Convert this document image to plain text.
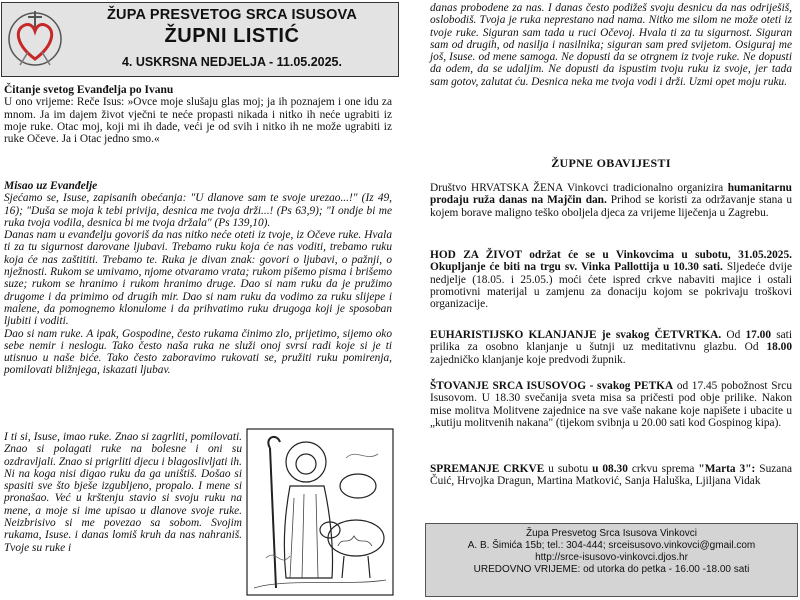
ŽUPA PRESVETOG SRCA ISUSOVA
ŽUPNI LISTIĆ
4. USKRSNA NEDJELJA - 11.05.2025.
Čitanje svetog Evanđelja po Ivanu

U ono vrijeme: Reče Isus: »Ovce moje slušaju glas moj; ja ih poznajem i one idu za mnom. Ja im dajem život vječni te neće propasti nikada i nitko ih neće ugrabiti iz moje ruke. Otac moj, koji mi ih dade, veći je od svih i nitko ih ne može ugrabiti iz ruke Očeve. Ja i Otac jedno smo.«

Misao uz Evanđelje

Sjećamo se, Isuse, zapisanih obećanja: "U dlanove sam te svoje urezao...!" (Iz 49, 16); "Duša se moja k tebi privija, desnica me tvoja drži...! (Ps 63,9); "I ondje bi me ruka tvoja vodila, desnica bi me tvoja držala" (Ps 139,10).

Danas nam u evanđelju govoriš da nas nitko neće oteti iz tvoje, iz Očeve ruke. Hvala ti za tu sigurnost darovane ljubavi. Trebamo ruku koja će nas voditi, trebamo ruku koja će nas zaštititi. Trebamo te. Ruka je divan znak: govori o ljubavi, o pažnji, o nježnosti. Rukom se umivamo, njome otvaramo vrata; rukom pišemo pisma i brišemo suze; rukom se hranimo i rukom hranimo druge. Dao si nam ruku da je pružimo drugome i da primimo od drugih mir. Dao si nam ruku da vodimo za ruku slijepe i malene, da pomognemo klonulome i da prihvatimo ruku drugoga koji je sposoban ljubiti i voditi.

Dao si nam ruke. A ipak, Gospodine, često rukama činimo zlo, prijetimo, sijemo oko sebe nemir i neslogu. Tako često naša ruka ne služi onoj svrsi radi koje si je ti utisnuo u naše biće. Tako često zaboravimo rukovati se, pružiti ruku pomirenja, pomilovati bližnjega, iskazati ljubav.

I ti si, Isuse, imao ruke. Znao si zagrliti, pomilovati. Znao si polagati ruke na bolesne i oni su ozdravljali. Znao si prigrliti djecu i blagoslivljati ih.

Ni na koga nisi digao ruku da ga uništiš. Došao si spasiti sve što bješe izgubljeno, propalo. I mene si pronašao. Već u krštenju stavio si svoju ruku na mene, a moje si ime upisao u dlanove svoje ruke. Neizbrisivo si me povezao sa sobom. Svojim rukama, Isuse. i danas lomiš kruh da nas nahraniš. Tvoje su ruke i

danas probodene za nas. I danas često podižeš svoju desnicu da nas odriješiš, oslobodiš. Tvoja je ruka neprestano nad nama. Nitko me silom ne može oteti iz tvoje ruke. Siguran sam tada u ruci Očevoj. Hvala ti za tu sigurnost. Siguran sam od drugih, od nasilja i nasilnika; siguran sam pred svijetom. Osiguraj me još, Isuse. od mene samoga. Ne dopusti da se otrgnem iz tvoje ruke. Ne dopusti da odem, da se udaljim. Ne dopusti da ispustim tvoju ruku iz svoje, jer tada sam gotov, zalutat ću. Desnica neka me tvoja vodi i drži. Uzmi opet moju ruku.

ŽUPNE OBAVIJESTI

Društvo HRVATSKA ŽENA Vinkovci tradicionalno organizira humanitarnu prodaju ruža danas na Majčin dan. Prihod se koristi za održavanje stana u kojem borave maligno teško oboljela djeca za vrijeme liječenja u Zagrebu.

HOD ZA ŽIVOT održat će se u Vinkovcima u subotu, 31.05.2025. Okupljanje će biti na trgu sv. Vinka Pallottija u 10.30 sati. Sljedeće dvije nedjelje (18.05. i 25.05.) moći ćete ispred crkve nabaviti majice i ostali promotivni materijal u zamjenu za donaciju kojom se pokrivaju troškovi organizacije.

EUHARISTIJSKO KLANJANJE je svakog ČETVRTKA. Od 17.00 sati prilika za osobno klanjanje u šutnji uz meditativnu glazbu. Od 18.00 zajedničko klanjanje koje predvodi župnik.

ŠTOVANJE SRCA ISUSOVOG - svakog PETKA od 17.45 pobožnost Srcu Isusovom. U 18.30 svečanija sveta misa sa pričesti pod obje prilike. Nakon mise molitva Molitvene zajednice na sve vaše nakane koje napišete i ubacite u „kutiju molitvenih nakana" (tijekom svibnja u 20.00 sati kod Gospinog kipa).

SPREMANJE CRKVE u subotu u 08.30 crkvu sprema "Marta 3": Suzana Čuić, Hrvojka Dragun, Martina Matković, Sanja Haluška, Ljiljana Vidak

Župa Presvetog Srca Isusova Vinkovci
A. B. Šimića 15b; tel.: 304-444; srceisusovo.vinkovci@gmail.com
http://srce-isusovo-vinkovci.djos.hr
UREDOVNO VRIJEME: od utorka do petka - 16.00 -18.00 sati
